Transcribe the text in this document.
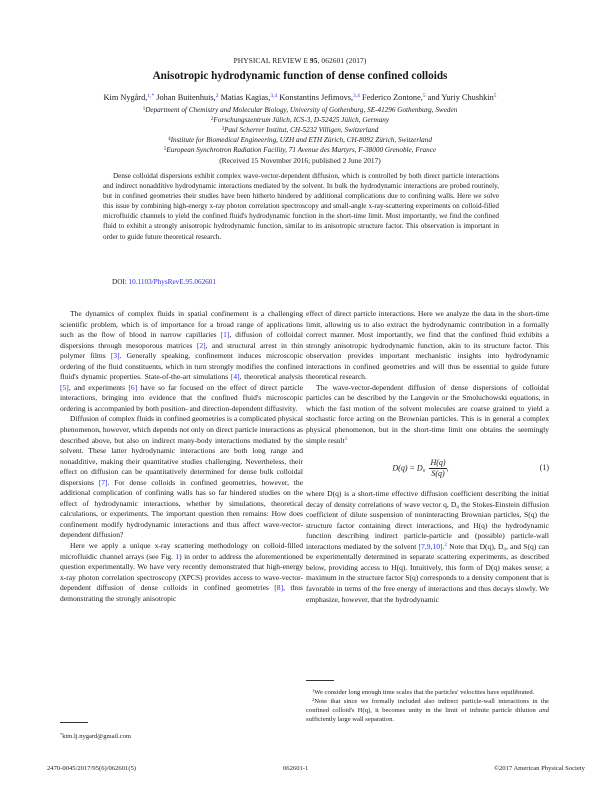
PHYSICAL REVIEW E 95, 062601 (2017)
Anisotropic hydrodynamic function of dense confined colloids
Kim Nygård,$^{1,*}$ Johan Buitenhuis,$^2$ Matias Kagias,$^{3,4}$ Konstantins Jefimovs,$^{3,4}$ Federico Zontone,$^5$ and Yuriy Chushkin$^5$
$^1$Department of Chemistry and Molecular Biology, University of Gothenburg, SE-41296 Gothenburg, Sweden
$^2$Forschungszentrum Jülich, ICS-3, D-52425 Jülich, Germany
$^3$Paul Scherrer Institut, CH-5232 Villigen, Switzerland
$^4$Institute for Biomedical Engineering, UZH and ETH Zürich, CH-8092 Zürich, Switzerland
$^5$European Synchrotron Radiation Facility, 71 Avenue des Martyrs, F-38000 Grenoble, France
(Received 15 November 2016; published 2 June 2017)
Dense colloidal dispersions exhibit complex wave-vector-dependent diffusion, which is controlled by both direct particle interactions and indirect nonadditive hydrodynamic interactions mediated by the solvent. In bulk the hydrodynamic interactions are probed routinely, but in confined geometries their studies have been hitherto hindered by additional complications due to confining walls. Here we solve this issue by combining high-energy x-ray photon correlation spectroscopy and small-angle x-ray-scattering experiments on colloid-filled microfluidic channels to yield the confined fluid's hydrodynamic function in the short-time limit. Most importantly, we find the confined fluid to exhibit a strongly anisotropic hydrodynamic function, similar to its anisotropic structure factor. This observation is important in order to guide future theoretical research.
DOI: 10.1103/PhysRevE.95.062601

The dynamics of complex fluids in spatial confinement is a challenging scientific problem, which is of importance for a broad range of applications such as the flow of blood in narrow capillaries [1], diffusion of colloidal dispersions through mesoporous matrices [2], and structural arrest in thin polymer films [3]. Generally speaking, confinement induces microscopic ordering of the fluid constituents, which in turn strongly modifies the confined fluid's dynamic properties. State-of-the-art simulations [4], theoretical analysis [5], and experiments [6] have so far focused on the effect of direct particle interactions, bringing into evidence that the confined fluid's microscopic ordering is accompanied by both position- and direction-dependent diffusivity.

Diffusion of complex fluids in confined geometries is a complicated physical phenomenon, however, which depends not only on direct particle interactions as described above, but also on indirect many-body interactions mediated by the solvent. These latter hydrodynamic interactions are both long range and nonadditive, making their quantitative studies challenging. Nevertheless, their effect on diffusion can be quantitatively determined for dense bulk colloidal dispersions [7]. For dense colloids in confined geometries, however, the additional complication of confining walls has so far hindered studies on the effect of hydrodynamic interactions, whether by simulations, theoretical calculations, or experiments. The important question then remains: How does confinement modify hydrodynamic interactions and thus affect wave-vector-dependent diffusion?

Here we apply a unique x-ray scattering methodology on colloid-filled microfluidic channel arrays (see Fig. 1) in order to address the aforementioned question experimentally. We have very recently demonstrated that high-energy x-ray photon correlation spectroscopy (XPCS) provides access to wave-vector-dependent diffusion of dense colloids in confined geometries [8], thus demonstrating the strongly anisotropic

effect of direct particle interactions. Here we analyze the data in the short-time limit, allowing us to also extract the hydrodynamic contribution in a formally correct manner. Most importantly, we find that the confined fluid exhibits a strongly anisotropic hydrodynamic function, akin to its structure factor. This observation provides important mechanistic insights into hydrodynamic interactions in confined geometries and will thus be essential to guide future theoretical research.

The wave-vector-dependent diffusion of dense dispersions of colloidal particles can be described by the Langevin or the Smoluchowski equations, in which the fast motion of the solvent molecules are coarse grained to yield a stochastic force acting on the Brownian particles. This is in general a complex physical phenomenon, but in the short-time limit one obtains the seemingly simple result$^1$

$D(q) = D_0 \frac{H(q)}{S(q)}$ ,	(1)

where D(q) is a short-time effective diffusion coefficient describing the initial decay of density correlations of wave vector q, D₀ the Stokes-Einstein diffusion coefficient of dilute suspension of noninteracting Brownian particles, S(q) the structure factor containing direct interactions, and H(q) the hydrodynamic function describing indirect particle-particle and (possible) particle-wall interactions mediated by the solvent [7,9,10].$^2$ Note that D(q), D₀, and S(q) can be experimentally determined in separate scattering experiments, as described below, providing access to H(q). Intuitively, this form of D(q) makes sense; a maximum in the structure factor S(q) corresponds to a density component that is favorable in terms of the free energy of interactions and thus decays slowly. We emphasize, however, that the hydrodynamic

*kim.lj.nygard@gmail.com

$^1$We consider long enough time scales that the particles' velocities have equilibrated.

$^2$Note that since we formally included also indirect particle-wall interactions in the confined colloid's H(q), it becomes unity in the limit of infinite particle dilution and sufficiently large wall separation.

2470-0045/2017/95(6)/062601(5)	062601-1	©2017 American Physical Society
